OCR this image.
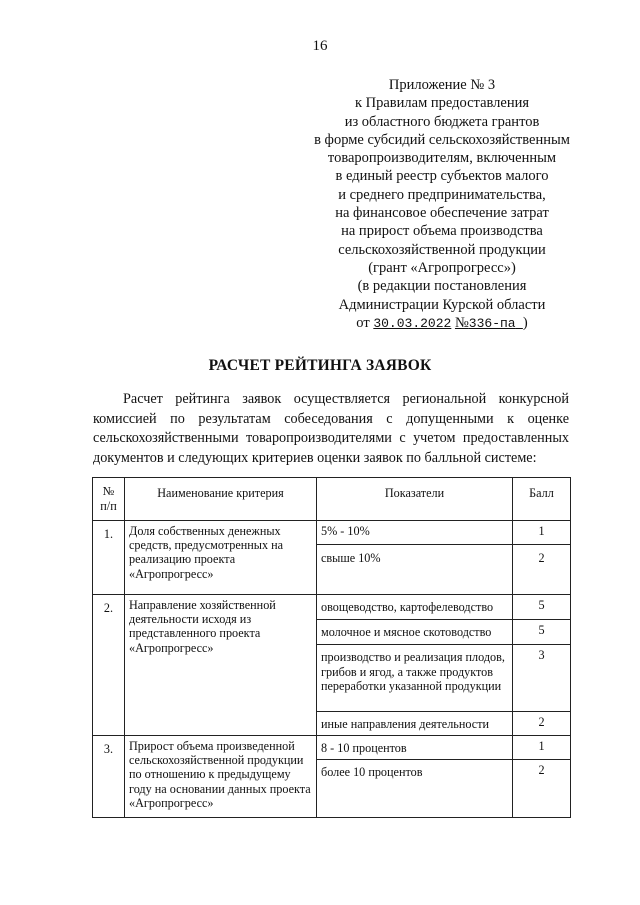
16
Приложение № 3
к Правилам предоставления
из областного бюджета грантов
в форме субсидий сельскохозяйственным
товаропроизводителям, включенным
в единый реестр субъектов малого
и среднего предпринимательства,
на финансовое обеспечение затрат
на прирост объема производства
сельскохозяйственной продукции
(грант «Агропрогресс»)
(в редакции постановления
Администрации Курской области
от 30.03.2022 №336-па )
РАСЧЕТ РЕЙТИНГА ЗАЯВОК
Расчет рейтинга заявок осуществляется региональной конкурсной комиссией по результатам собеседования с допущенными к оценке сельскохозяйственными товаропроизводителями с учетом предоставленных документов и следующих критериев оценки заявок по балльной системе:
№
п/п	Наименование критерия	Показатели	Балл
1.	Доля собственных денежных средств, предусмотренных на реализацию проекта «Агропрогресс»	5% - 10%	1
		свыше 10%	2
2.	Направление хозяйственной деятельности исходя из представленного проекта «Агропрогресс»	овощеводство, картофелеводство	5
		молочное и мясное скотоводство	5
		производство и реализация плодов, грибов и ягод, а также продуктов переработки указанной продукции	3
		иные направления деятельности	2
3.	Прирост объема произведенной сельскохозяйственной продукции по отношению к предыдущему году на основании данных проекта «Агропрогресс»	8 - 10 процентов	1
		более 10 процентов	2
